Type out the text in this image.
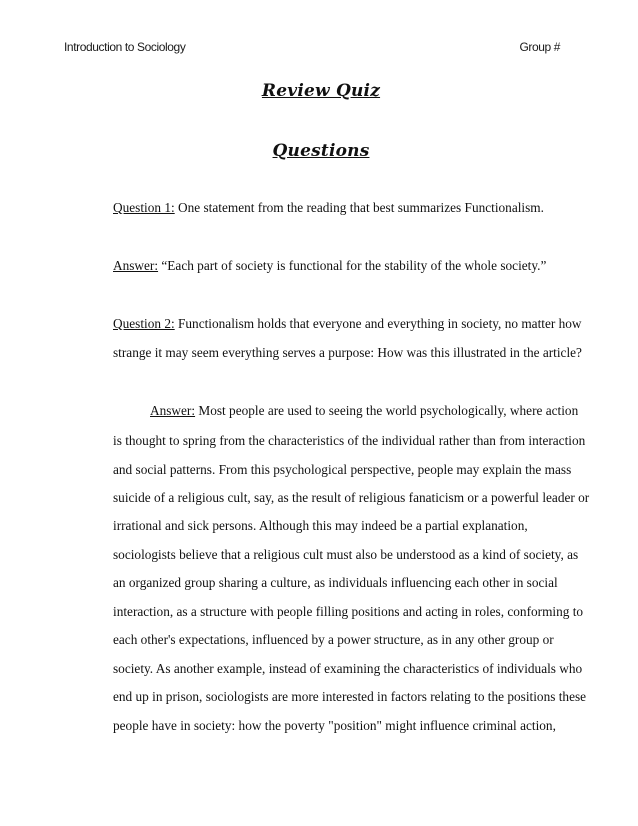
Introduction to Sociology	Group #
Review Quiz
Questions
Question 1: One statement from the reading that best summarizes Functionalism.
Answer: “Each part of society is functional for the stability of the whole society.”
Question 2: Functionalism holds that everyone and everything in society, no matter how
strange it may seem everything serves a purpose: How was this illustrated in the article?
Answer: Most people are used to seeing the world psychologically, where action
is thought to spring from the characteristics of the individual rather than from interaction
and social patterns. From this psychological perspective, people may explain the mass
suicide of a religious cult, say, as the result of religious fanaticism or a powerful leader or
irrational and sick persons. Although this may indeed be a partial explanation,
sociologists believe that a religious cult must also be understood as a kind of society, as
an organized group sharing a culture, as individuals influencing each other in social
interaction, as a structure with people filling positions and acting in roles, conforming to
each other's expectations, influenced by a power structure, as in any other group or
society. As another example, instead of examining the characteristics of individuals who
end up in prison, sociologists are more interested in factors relating to the positions these
people have in society: how the poverty "position" might influence criminal action,
